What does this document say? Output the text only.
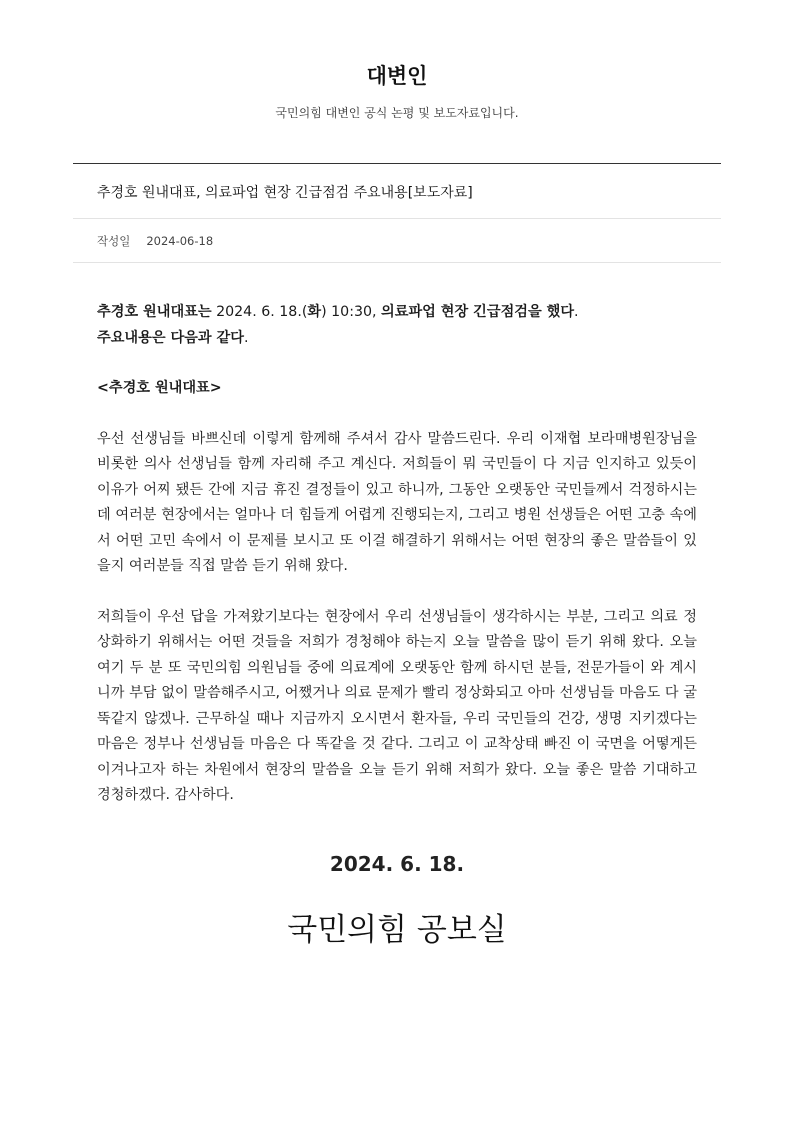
대변인
국민의힘 대변인 공식 논평 및 보도자료입니다.
추경호 원내대표, 의료파업 현장 긴급점검 주요내용[보도자료]
작성일 2024-06-18

추경호 원내대표는 2024. 6. 18.(화) 10:30, 의료파업 현장 긴급점검을 했다.

주요내용은 다음과 같다.

<추경호 원내대표>

우선 선생님들 바쁘신데 이렇게 함께해 주셔서 감사 말씀드린다. 우리 이재협 보라매병원장님을 비롯한 의사 선생님들 함께 자리해 주고 계신다. 저희들이 뭐 국민들이 다 지금 인지하고 있듯이 이유가 어찌 됐든 간에 지금 휴진 결정들이 있고 하니까, 그동안 오랫동안 국민들께서 걱정하시는데 여러분 현장에서는 얼마나 더 힘들게 어렵게 진행되는지, 그리고 병원 선생들은 어떤 고충 속에서 어떤 고민 속에서 이 문제를 보시고 또 이걸 해결하기 위해서는 어떤 현장의 좋은 말씀들이 있을지 여러분들 직접 말씀 듣기 위해 왔다.

저희들이 우선 답을 가져왔기보다는 현장에서 우리 선생님들이 생각하시는 부분, 그리고 의료 정상화하기 위해서는 어떤 것들을 저희가 경청해야 하는지 오늘 말씀을 많이 듣기 위해 왔다. 오늘 여기 두 분 또 국민의힘 의원님들 중에 의료계에 오랫동안 함께 하시던 분들, 전문가들이 와 계시니까 부담 없이 말씀해주시고, 어쨌거나 의료 문제가 빨리 정상화되고 아마 선생님들 마음도 다 굴뚝같지 않겠나. 근무하실 때나 지금까지 오시면서 환자들, 우리 국민들의 건강, 생명 지키겠다는 마음은 정부나 선생님들 마음은 다 똑같을 것 같다. 그리고 이 교착상태 빠진 이 국면을 어떻게든 이겨나고자 하는 차원에서 현장의 말씀을 오늘 듣기 위해 저희가 왔다. 오늘 좋은 말씀 기대하고 경청하겠다. 감사하다.

2024. 6. 18.
국민의힘 공보실
